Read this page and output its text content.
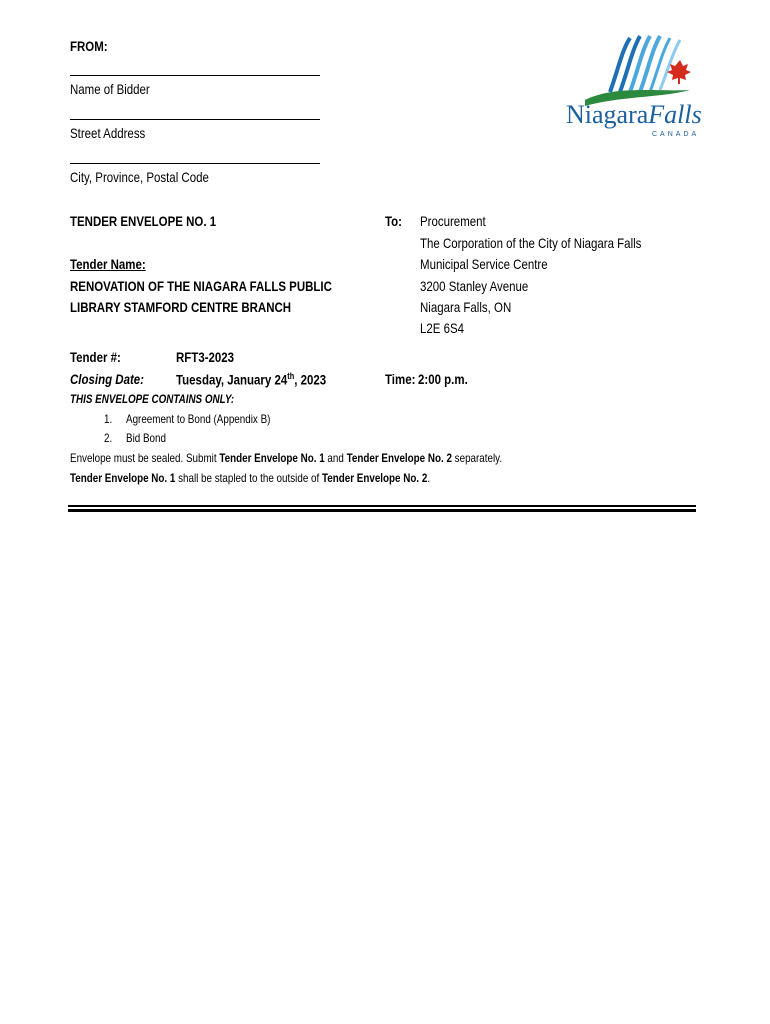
FROM:
Name of Bidder
Street Address
City, Province, Postal Code
NiagaraFalls
CANADA
TENDER ENVELOPE NO. 1
Tender Name:
RENOVATION OF THE NIAGARA FALLS PUBLIC
LIBRARY STAMFORD CENTRE BRANCH
Tender #:	RFT3-2023
Closing Date: Tuesday, January 24th, 2023
To: Procurement
The Corporation of the City of Niagara Falls
Municipal Service Centre
3200 Stanley Avenue
Niagara Falls, ON
L2E 6S4
Time: 2:00 p.m.
THIS ENVELOPE CONTAINS ONLY:
1. Agreement to Bond (Appendix B)
2. Bid Bond
Envelope must be sealed. Submit Tender Envelope No. 1 and Tender Envelope No. 2 separately.
Tender Envelope No. 1 shall be stapled to the outside of Tender Envelope No. 2.
